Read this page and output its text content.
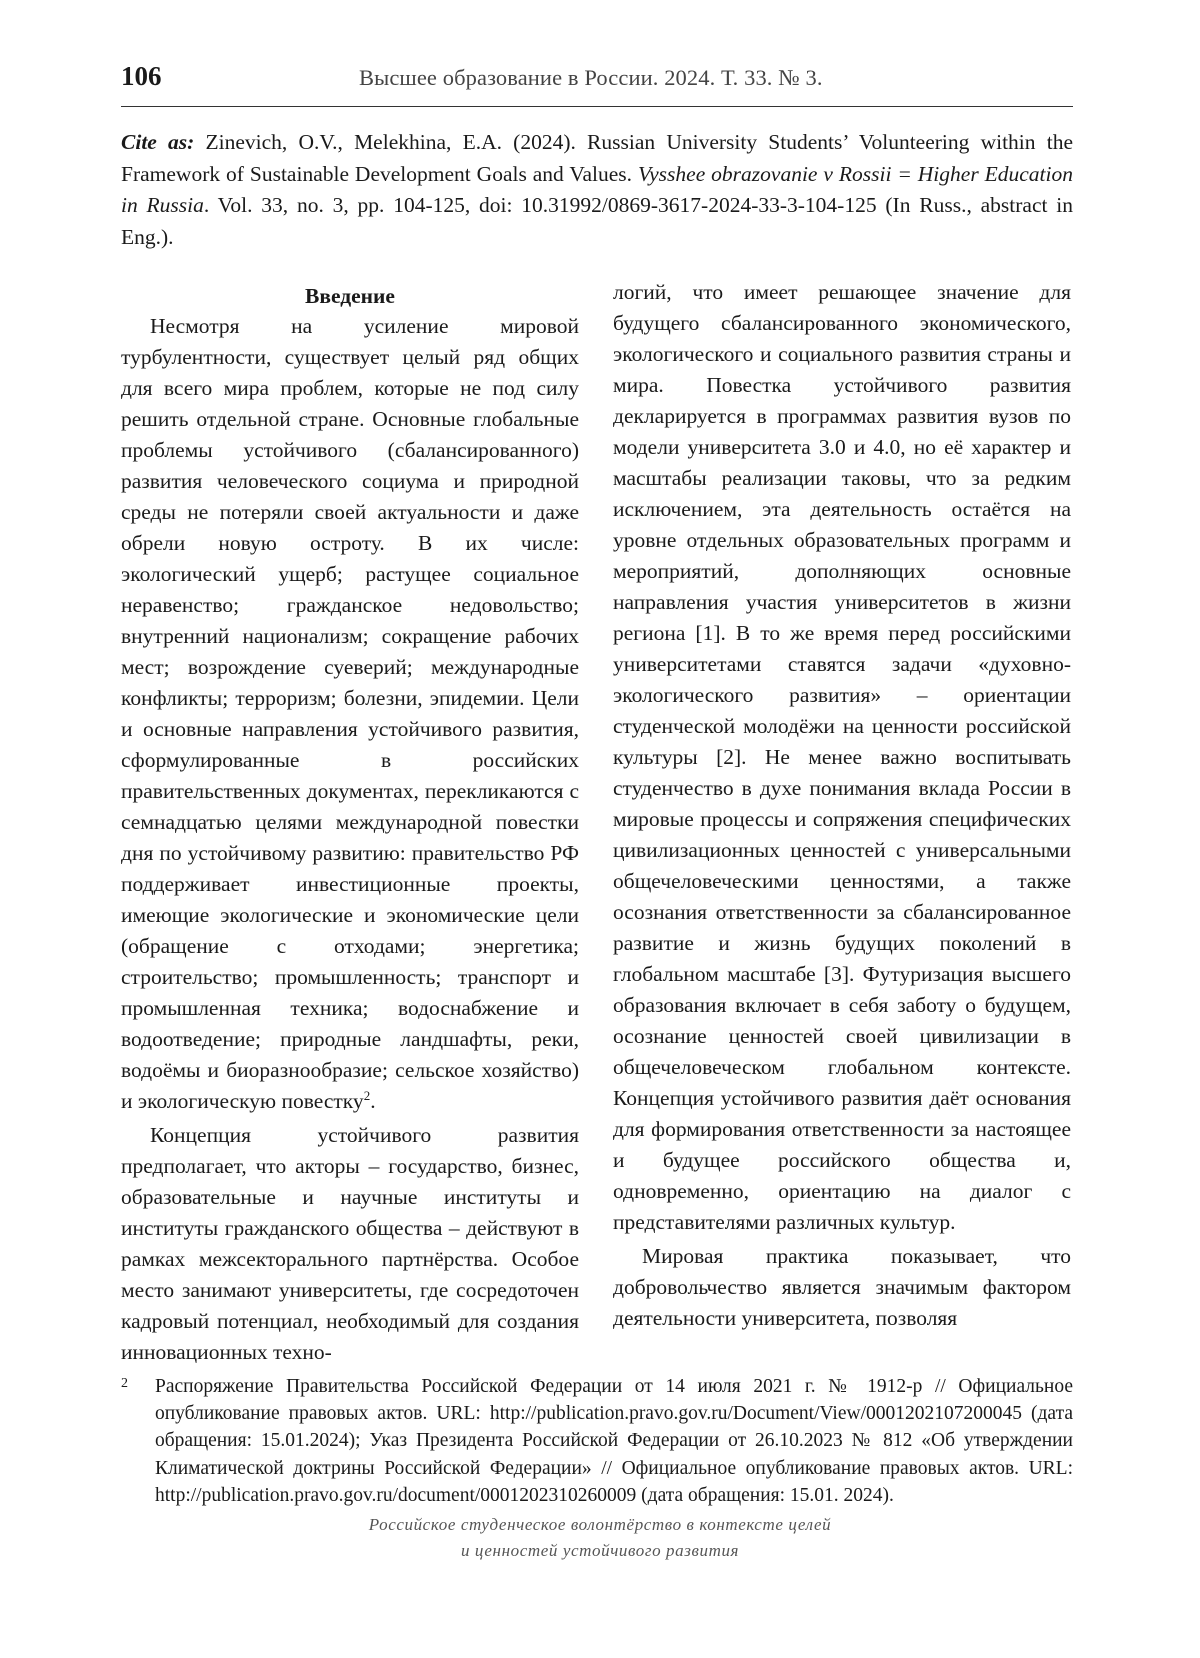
106	Высшее образование в России. 2024. Т. 33. № 3.
Cite as: Zinevich, O.V., Melekhina, E.A. (2024). Russian University Students’ Volunteering within the Framework of Sustainable Development Goals and Values. Vysshee obrazovanie v Rossii = Higher Education in Russia. Vol. 33, no. 3, pp. 104-125, doi: 10.31992/0869-3617-2024-33-3-104-125 (In Russ., abstract in Eng.).
Введение

Несмотря на усиление мировой турбулентности, существует целый ряд общих для всего мира проблем, которые не под силу решить отдельной стране. Основные глобальные проблемы устойчивого (сбалансированного) развития человеческого социума и природной среды не потеряли своей актуальности и даже обрели новую остроту. В их числе: экологический ущерб; растущее социальное неравенство; гражданское недовольство; внутренний национализм; сокращение рабочих мест; возрождение суеверий; международные конфликты; терроризм; болезни, эпидемии. Цели и основные направления устойчивого развития, сформулированные в российских правительственных документах, перекликаются с семнадцатью целями международной повестки дня по устойчивому развитию: правительство РФ поддерживает инвестиционные проекты, имеющие экологические и экономические цели (обращение с отходами; энергетика; строительство; промышленность; транспорт и промышленная техника; водоснабжение и водоотведение; природные ландшафты, реки, водоёмы и биоразнообразие; сельское хозяйство) и экологическую повестку$^2$.

Концепция устойчивого развития предполагает, что акторы – государство, бизнес, образовательные и научные институты и институты гражданского общества – действуют в рамках межсекторального партнёрства. Особое место занимают университеты, где сосредоточен кадровый потенциал, необходимый для создания инновационных техно-

логий, что имеет решающее значение для будущего сбалансированного экономического, экологического и социального развития страны и мира. Повестка устойчивого развития декларируется в программах развития вузов по модели университета 3.0 и 4.0, но её характер и масштабы реализации таковы, что за редким исключением, эта деятельность остаётся на уровне отдельных образовательных программ и мероприятий, дополняющих основные направления участия университетов в жизни региона [1]. В то же время перед российскими университетами ставятся задачи «духовно-экологического развития» – ориентации студенческой молодёжи на ценности российской культуры [2]. Не менее важно воспитывать студенчество в духе понимания вклада России в мировые процессы и сопряжения специфических цивилизационных ценностей с универсальными общечеловеческими ценностями, а также осознания ответственности за сбалансированное развитие и жизнь будущих поколений в глобальном масштабе [3]. Футуризация высшего образования включает в себя заботу о будущем, осознание ценностей своей цивилизации в общечеловеческом глобальном контексте. Концепция устойчивого развития даёт основания для формирования ответственности за настоящее и будущее российского общества и, одновременно, ориентацию на диалог с представителями различных культур.

Мировая практика показывает, что добровольчество является значимым фактором деятельности университета, позволяя

2 Распоряжение Правительства Российской Федерации от 14 июля 2021 г. № 1912-р // Официальное опубликование правовых актов. URL: http://publication.pravo.gov.ru/Document/View/0001202107200045 (дата обращения: 15.01.2024); Указ Президента Российской Федерации от 26.10.2023 № 812 «Об утверждении Климатической доктрины Российской Федерации» // Официальное опубликование правовых актов. URL: http://publication.pravo.gov.ru/document/0001202310260009 (дата обращения: 15.01. 2024).
Российское студенческое волонтёрство в контексте целей
и ценностей устойчивого развития
